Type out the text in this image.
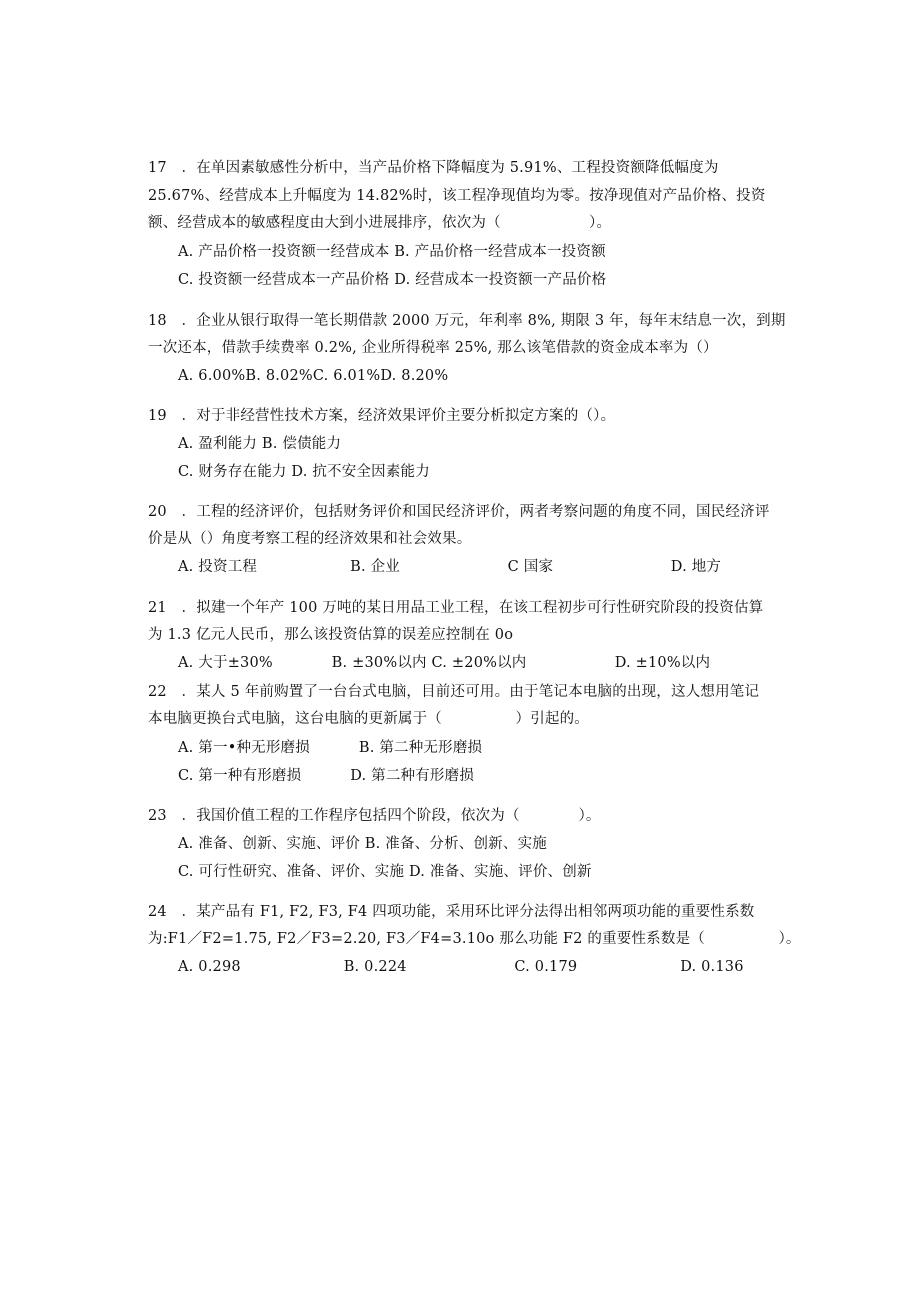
17　．在单因素敏感性分析中，当产品价格下降幅度为 5.91%、工程投资额降低幅度为
25.67%、经营成本上升幅度为 14.82%时，该工程净现值均为零。按净现值对产品价格、投资
额、经营成本的敏感程度由大到小进展排序，依次为（　　　　　　）。
A. 产品价格一投资额一经营成本 B. 产品价格一经营成本一投资额
C. 投资额一经营成本一产品价格 D. 经营成本一投资额一产品价格
18　．企业从银行取得一笔长期借款 2000 万元，年利率 8%, 期限 3 年，每年末结息一次，到期
一次还本，借款手续费率 0.2%, 企业所得税率 25%, 那么该笔借款的资金成本率为（）
A. 6.00%B. 8.02%C. 6.01%D. 8.20%
19　．对于非经营性技术方案，经济效果评价主要分析拟定方案的（）。
A. 盈利能力 B. 偿债能力
C. 财务存在能力 D. 抗不安全因素能力
20　．工程的经济评价，包括财务评价和国民经济评价，两者考察问题的角度不同，国民经济评
价是从（）角度考察工程的经济效果和社会效果。
A. 投资工程　　　　　　 B. 企业　　　　　　　 C 国家　　　　　　　　D. 地方
21　．拟建一个年产 100 万吨的某日用品工业工程，在该工程初步可行性研究阶段的投资估算
为 1.3 亿元人民币，那么该投资估算的误差应控制在 0o
A. 大于±30%　　　　B. ±30%以内 C. ±20%以内　　　　　　D. ±10%以内
22　．某人 5 年前购置了一台台式电脑，目前还可用。由于笔记本电脑的出现，这人想用笔记
本电脑更换台式电脑，这台电脑的更新属于（　　　　　）引起的。
A. 第一•种无形磨损　　　 B. 第二种无形磨损
C. 第一种有形磨损　　　 D. 第二种有形磨损
23　．我国价值工程的工作程序包括四个阶段，依次为（　　　　）。
A. 准备、创新、实施、评价 B. 准备、分析、创新、实施
C. 可行性研究、准备、评价、实施 D. 准备、实施、评价、创新
24　．某产品有 F1, F2, F3, F4 四项功能，采用环比评分法得出相邻两项功能的重要性系数
为:F1／F2=1.75, F2／F3=2.20, F3／F4=3.10o 那么功能 F2 的重要性系数是（　　　　　）。
A. 0.298　　　　　　　B. 0.224　　　　　　　 C. 0.179　　　　　　　D. 0.136
